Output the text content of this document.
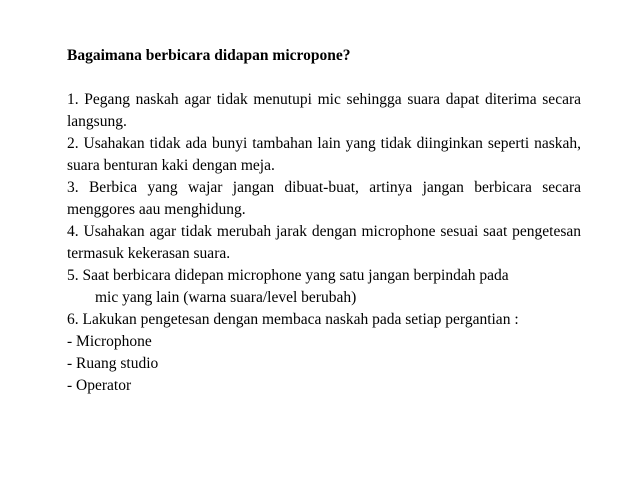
Bagaimana berbicara didapan micropone?

1. Pegang naskah agar tidak menutupi mic sehingga suara dapat diterima secara langsung.

2. Usahakan tidak ada bunyi tambahan lain yang tidak diinginkan seperti naskah, suara benturan kaki dengan meja.

3. Berbica yang wajar jangan dibuat-buat, artinya jangan berbicara secara menggores aau menghidung.

4. Usahakan agar tidak merubah jarak dengan microphone sesuai saat pengetesan termasuk kekerasan suara.

5. Saat berbicara didepan microphone yang satu jangan berpindah pada
mic yang lain (warna suara/level berubah)

6. Lakukan pengetesan dengan membaca naskah pada setiap pergantian :

- Microphone

- Ruang studio

- Operator
